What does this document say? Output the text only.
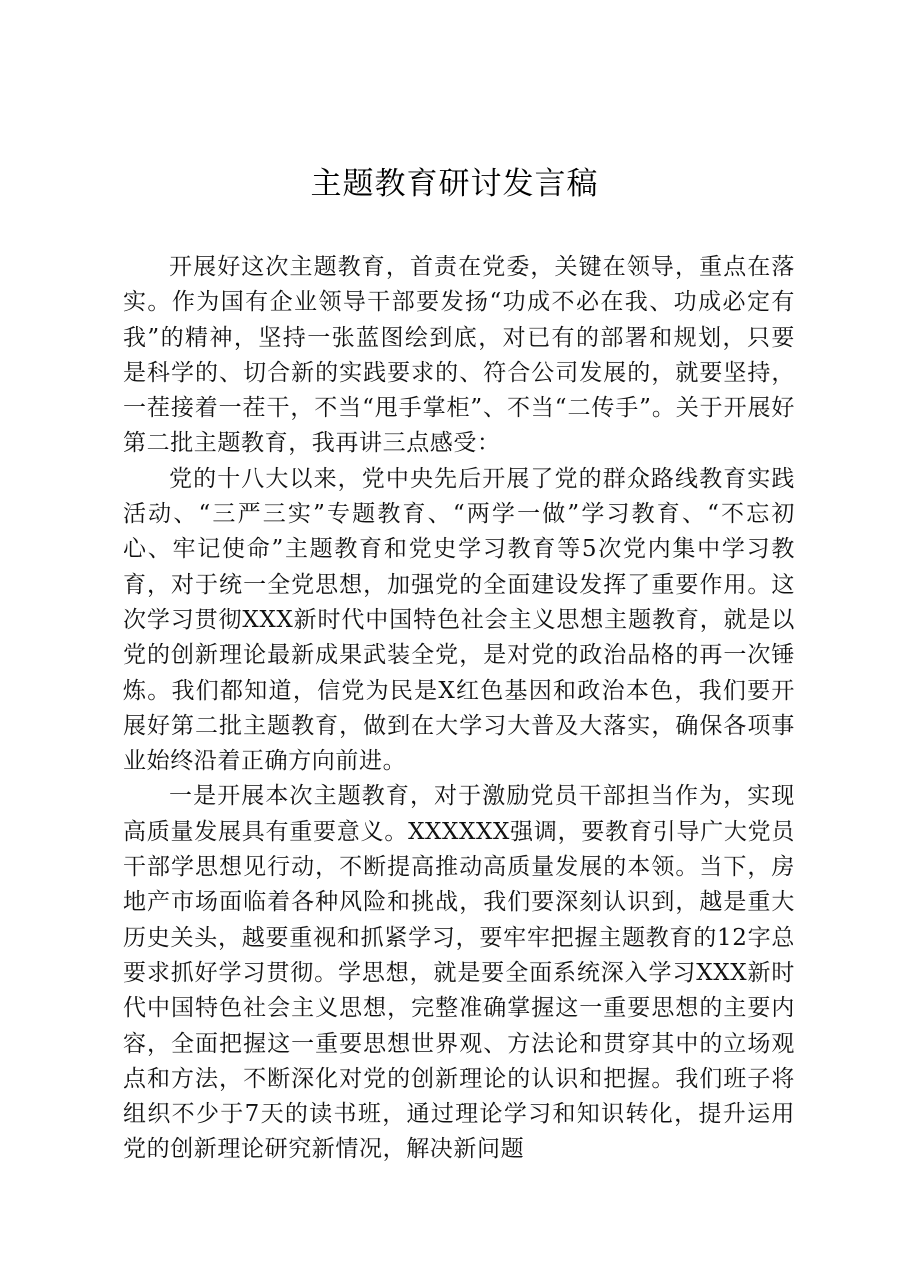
主题教育研讨发言稿

开展好这次主题教育，首责在党委，关键在领导，重点在落实。作为国有企业领导干部要发扬“功成不必在我、功成必定有我”的精神，坚持一张蓝图绘到底，对已有的部署和规划，只要是科学的、切合新的实践要求的、符合公司发展的，就要坚持，一茬接着一茬干，不当“甩手掌柜”、不当“二传手”。关于开展好第二批主题教育，我再讲三点感受：

党的十八大以来，党中央先后开展了党的群众路线教育实践活动、“三严三实”专题教育、“两学一做”学习教育、“不忘初心、牢记使命”主题教育和党史学习教育等5次党内集中学习教育，对于统一全党思想，加强党的全面建设发挥了重要作用。这次学习贯彻XXX新时代中国特色社会主义思想主题教育，就是以党的创新理论最新成果武装全党，是对党的政治品格的再一次锤炼。我们都知道，信党为民是X红色基因和政治本色，我们要开展好第二批主题教育，做到在大学习大普及大落实，确保各项事业始终沿着正确方向前进。

一是开展本次主题教育，对于激励党员干部担当作为，实现高质量发展具有重要意义。XXXXXX强调，要教育引导广大党员干部学思想见行动，不断提高推动高质量发展的本领。当下，房地产市场面临着各种风险和挑战，我们要深刻认识到，越是重大历史关头，越要重视和抓紧学习，要牢牢把握主题教育的12字总要求抓好学习贯彻。学思想，就是要全面系统深入学习XXX新时代中国特色社会主义思想，完整准确掌握这一重要思想的主要内容，全面把握这一重要思想世界观、方法论和贯穿其中的立场观点和方法，不断深化对党的创新理论的认识和把握。我们班子将组织不少于7天的读书班，通过理论学习和知识转化，提升运用党的创新理论研究新情况，解决新问题
